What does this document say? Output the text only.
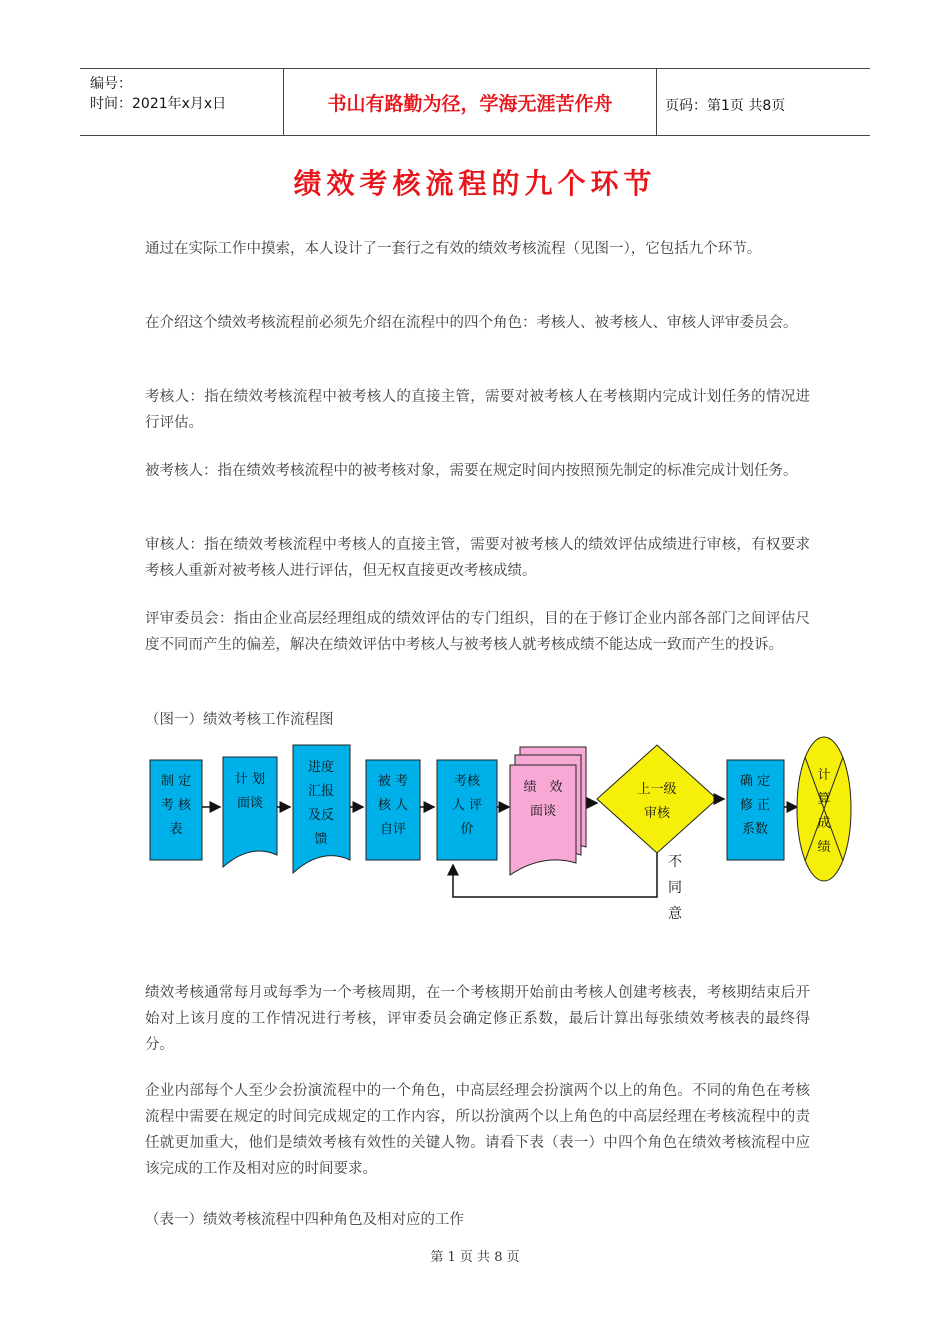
编号：
时间：2021年x月x日	书山有路勤为径，学海无涯苦作舟	页码：第1页 共8页
绩效考核流程的九个环节

通过在实际工作中摸索，本人设计了一套行之有效的绩效考核流程（见图一），它包括九个环节。

在介绍这个绩效考核流程前必须先介绍在流程中的四个角色：考核人、被考核人、审核人评审委员会。

考核人：指在绩效考核流程中被考核人的直接主管，需要对被考核人在考核期内完成计划任务的情况进行评估。

被考核人：指在绩效考核流程中的被考核对象，需要在规定时间内按照预先制定的标准完成计划任务。

审核人：指在绩效考核流程中考核人的直接主管，需要对被考核人的绩效评估成绩进行审核，有权要求考核人重新对被考核人进行评估，但无权直接更改考核成绩。

评审委员会：指由企业高层经理组成的绩效评估的专门组织，目的在于修订企业内部各部门之间评估尺度不同而产生的偏差，解决在绩效评估中考核人与被考核人就考核成绩不能达成一致而产生的投诉。

（图一）绩效考核工作流程图
制 定
考 核
表
计 划
面谈
进度
汇报
及反
馈
被 考
核 人
自评
考核
人 评
价
绩　效
面谈
上一级
审核
确 定
修 正
系数
计
算
成
绩
不
同
意

绩效考核通常每月或每季为一个考核周期，在一个考核期开始前由考核人创建考核表，考核期结束后开始对上该月度的工作情况进行考核，评审委员会确定修正系数，最后计算出每张绩效考核表的最终得分。

企业内部每个人至少会扮演流程中的一个角色，中高层经理会扮演两个以上的角色。不同的角色在考核流程中需要在规定的时间完成规定的工作内容，所以扮演两个以上角色的中高层经理在考核流程中的责任就更加重大，他们是绩效考核有效性的关键人物。请看下表（表一）中四个角色在绩效考核流程中应该完成的工作及相对应的时间要求。

（表一）绩效考核流程中四种角色及相对应的工作
第 1 页 共 8 页
